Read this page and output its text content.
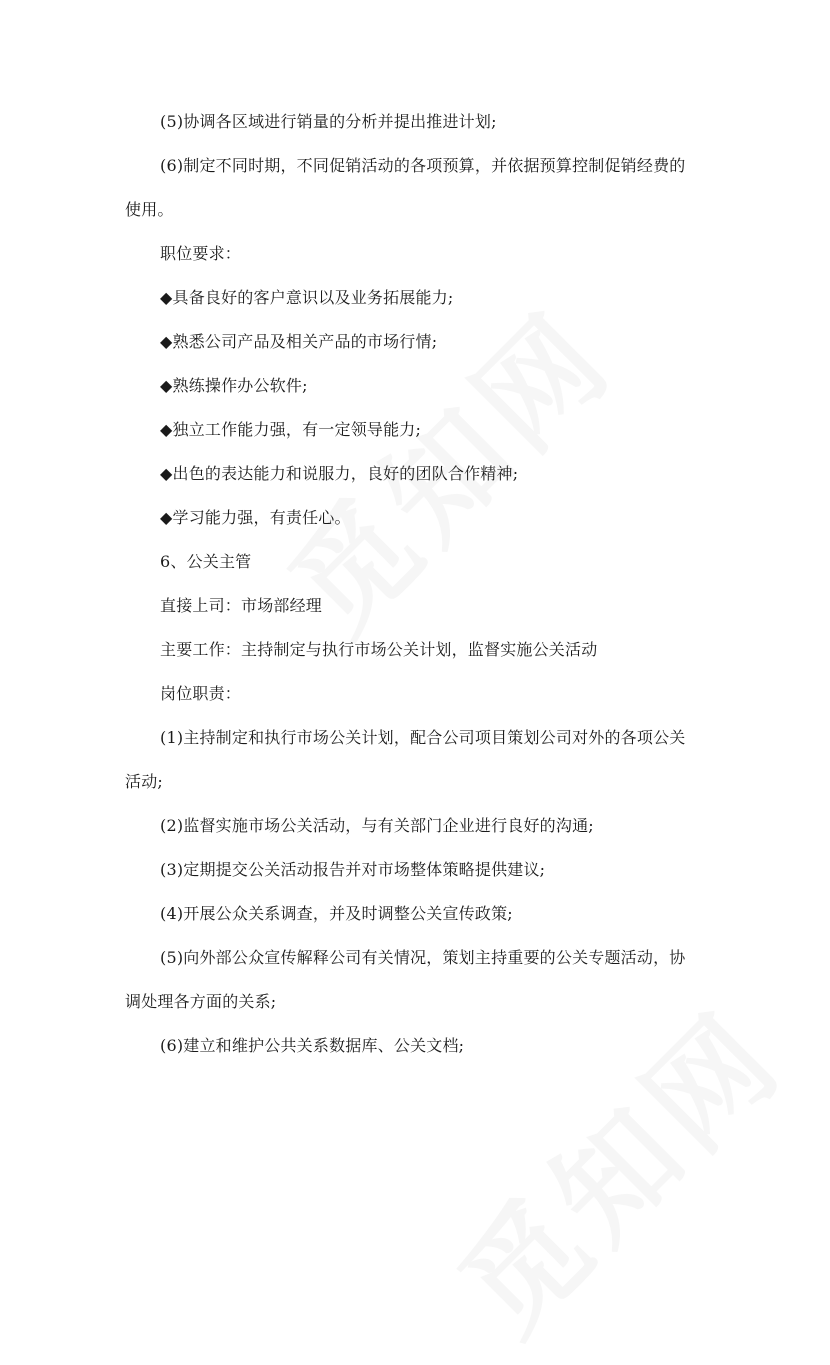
(5)协调各区域进行销量的分析并提出推进计划;
(6)制定不同时期，不同促销活动的各项预算，并依据预算控制促销经费的
使用。
职位要求：
◆具备良好的客户意识以及业务拓展能力;
◆熟悉公司产品及相关产品的市场行情;
◆熟练操作办公软件;
◆独立工作能力强，有一定领导能力;
◆出色的表达能力和说服力，良好的团队合作精神;
◆学习能力强，有责任心。
6、公关主管
直接上司：市场部经理
主要工作：主持制定与执行市场公关计划，监督实施公关活动
岗位职责：
(1)主持制定和执行市场公关计划，配合公司项目策划公司对外的各项公关
活动;
(2)监督实施市场公关活动，与有关部门企业进行良好的沟通;
(3)定期提交公关活动报告并对市场整体策略提供建议;
(4)开展公众关系调查，并及时调整公关宣传政策;
(5)向外部公众宣传解释公司有关情况，策划主持重要的公关专题活动，协
调处理各方面的关系;
(6)建立和维护公共关系数据库、公关文档;
